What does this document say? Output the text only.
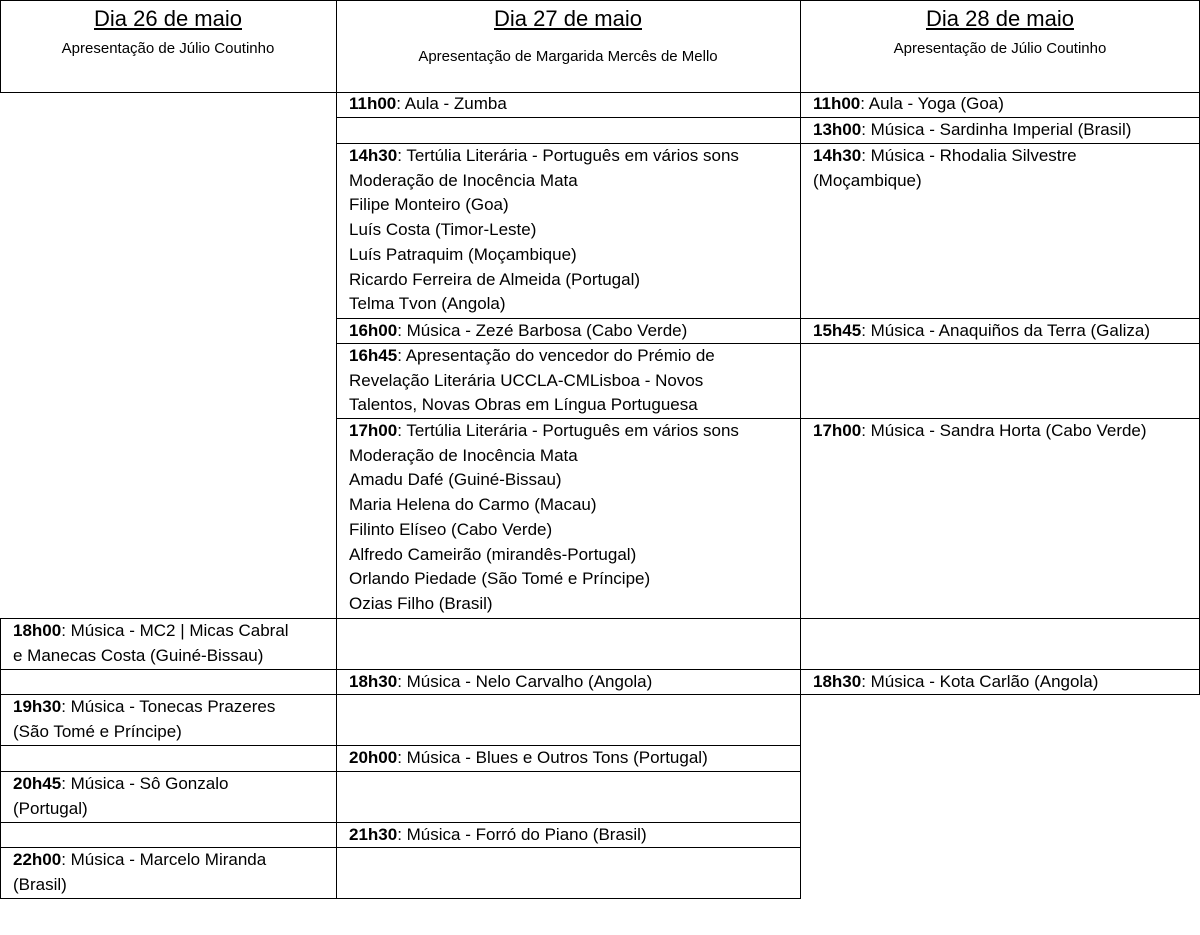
Dia 26 de maio
Apresentação de Júlio Coutinho
Dia 27 de maio
Apresentação de Margarida Mercês de Mello
Dia 28 de maio
Apresentação de Júlio Coutinho
18h00: Música - MC2 | Micas Cabral
e Manecas Costa (Guiné-Bissau)
19h30: Música - Tonecas Prazeres
(São Tomé e Príncipe)
20h45: Música - Sô Gonzalo
(Portugal)
22h00: Música - Marcelo Miranda
(Brasil)
11h00: Aula - Zumba
14h30: Tertúlia Literária - Português em vários sons
Moderação de Inocência Mata
Filipe Monteiro (Goa)
Luís Costa (Timor-Leste)
Luís Patraquim (Moçambique)
Ricardo Ferreira de Almeida (Portugal)
Telma Tvon (Angola)
16h00: Música - Zezé Barbosa (Cabo Verde)
16h45: Apresentação do vencedor do Prémio de
Revelação Literária UCCLA-CMLisboa - Novos
Talentos, Novas Obras em Língua Portuguesa
17h00: Tertúlia Literária - Português em vários sons
Moderação de Inocência Mata
Amadu Dafé (Guiné-Bissau)
Maria Helena do Carmo (Macau)
Filinto Elíseo (Cabo Verde)
Alfredo Cameirão (mirandês-Portugal)
Orlando Piedade (São Tomé e Príncipe)
Ozias Filho (Brasil)
18h30: Música - Nelo Carvalho (Angola)
20h00: Música - Blues e Outros Tons (Portugal)
21h30: Música - Forró do Piano (Brasil)
11h00: Aula - Yoga (Goa)
13h00: Música - Sardinha Imperial (Brasil)
14h30: Música - Rhodalia Silvestre
(Moçambique)
15h45: Música - Anaquiños da Terra (Galiza)
17h00: Música - Sandra Horta (Cabo Verde)
18h30: Música - Kota Carlão (Angola)
